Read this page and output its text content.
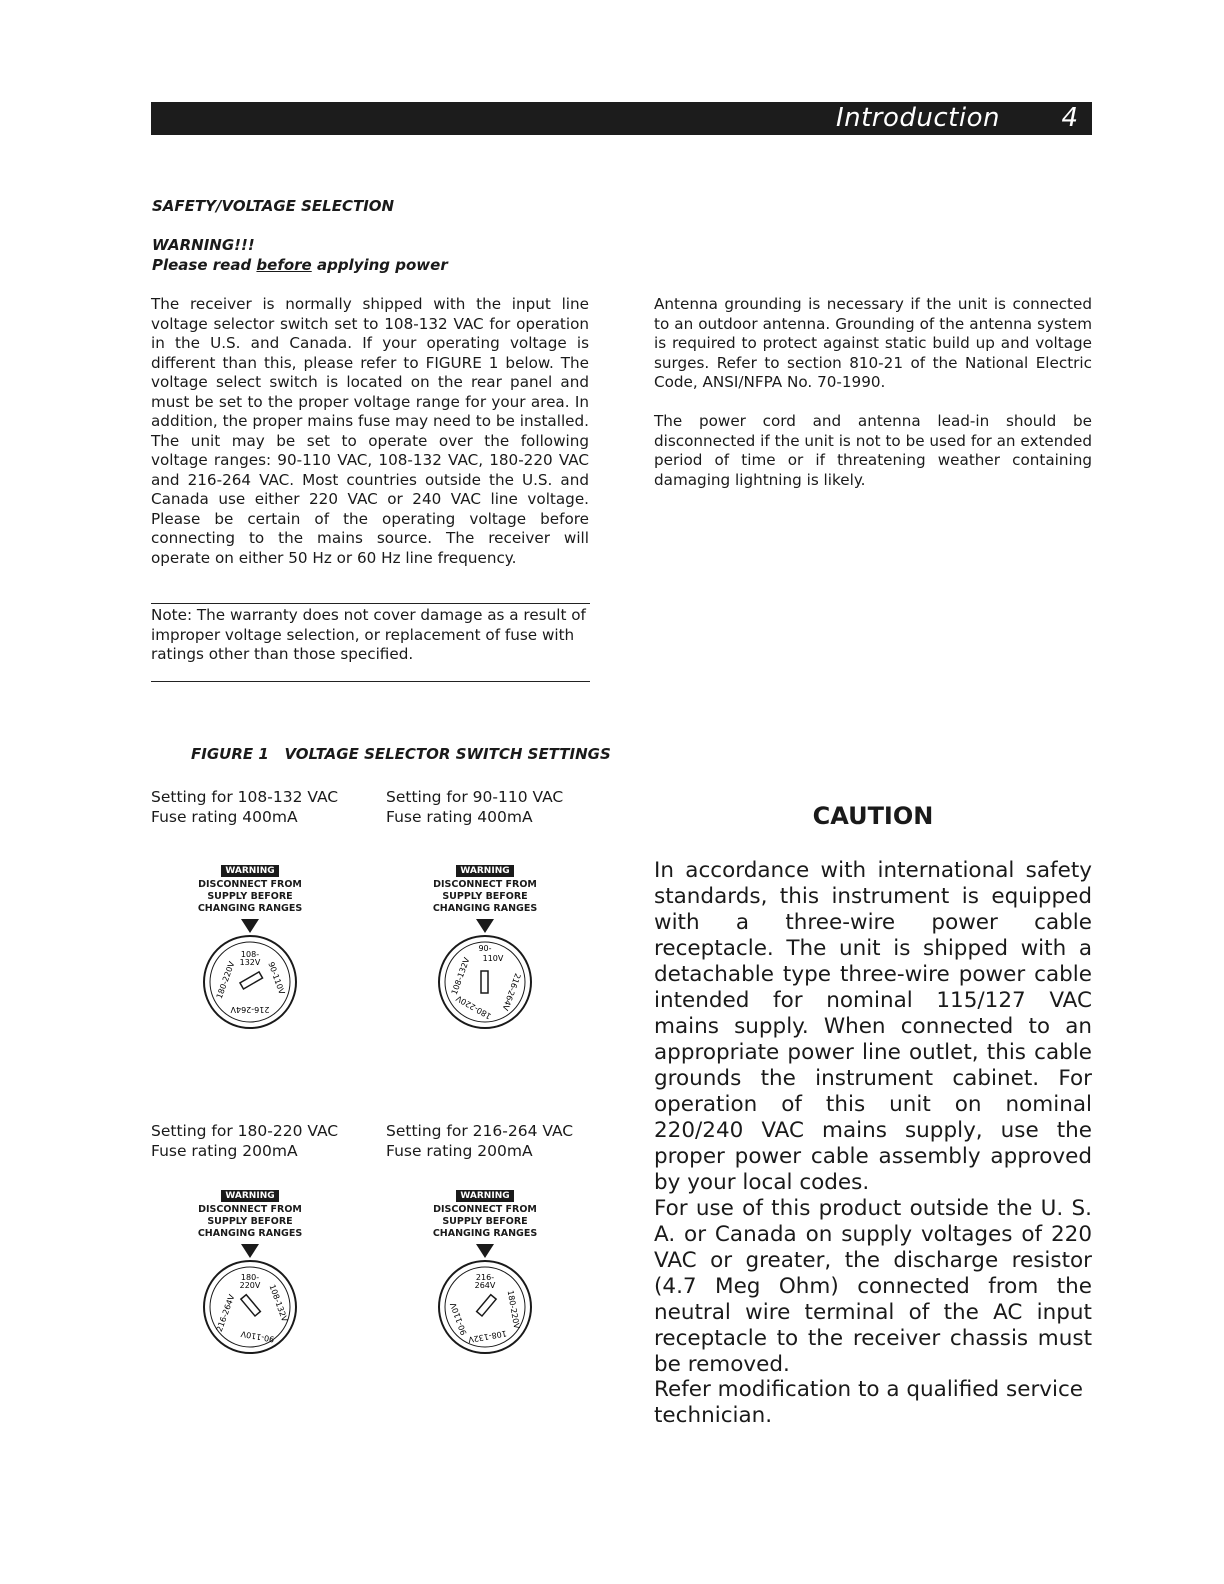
Introduction 4
SAFETY/VOLTAGE SELECTION
WARNING!!!
Please read before applying power

The receiver is normally shipped with the input line voltage selector switch set to 108-132 VAC for operation in the U.S. and Canada. If your operating voltage is different than this, please refer to FIGURE 1 below. The voltage select switch is located on the rear panel and must be set to the proper voltage range for your area. In addition, the proper mains fuse may need to be installed. The unit may be set to operate over the following voltage ranges: 90-110 VAC, 108-132 VAC, 180-220 VAC and 216-264 VAC. Most countries outside the U.S. and Canada use either 220 VAC or 240 VAC line voltage. Please be certain of the operating voltage before connecting to the mains source. The receiver will operate on either 50 Hz or 60 Hz line frequency.

Note: The warranty does not cover damage as a result of improper voltage selection, or replacement of fuse with ratings other than those specified.

Antenna grounding is necessary if the unit is connected to an outdoor antenna. Grounding of the antenna system is required to protect against static build up and voltage surges. Refer to section 810-21 of the National Electric Code, ANSI/NFPA No. 70-1990.

The power cord and antenna lead-in should be disconnected if the unit is not to be used for an extended period of time or if threatening weather containing damaging lightning is likely.

FIGURE 1   VOLTAGE SELECTOR SWITCH SETTINGS
Setting for 108-132 VAC
Fuse rating 400mA
Setting for 90-110 VAC
Fuse rating 400mA
Setting for 180-220 VAC
Fuse rating 200mA
Setting for 216-264 VAC
Fuse rating 200mA
WARNING
DISCONNECT FROM
SUPPLY BEFORE
CHANGING RANGES
108-
132V 90-110V
216-264V
180-220V
WARNING
DISCONNECT FROM
SUPPLY BEFORE
CHANGING RANGES
90-
110V
216-264V
180-220V
108-132V
WARNING
DISCONNECT FROM
SUPPLY BEFORE
CHANGING RANGES
180-
220V 108-132V
90-110V
216-264V
WARNING
DISCONNECT FROM
SUPPLY BEFORE
CHANGING RANGES
216-
264V
180-220V
108-132V
90-110V
CAUTION

In accordance with international safety standards, this instrument is equipped with a three-wire power cable receptacle. The unit is shipped with a detachable type three-wire power cable intended for nominal 115/127 VAC mains supply. When connected to an appropriate power line outlet, this cable grounds the instrument cabinet. For operation of this unit on nominal 220/240 VAC mains supply, use the proper power cable assembly approved by your local codes.

For use of this product outside the U. S. A. or Canada on supply voltages of 220 VAC or greater, the discharge resistor (4.7 Meg Ohm) connected from the neutral wire terminal of the AC input receptacle to the receiver chassis must be removed.

Refer modification to a qualified service technician.
